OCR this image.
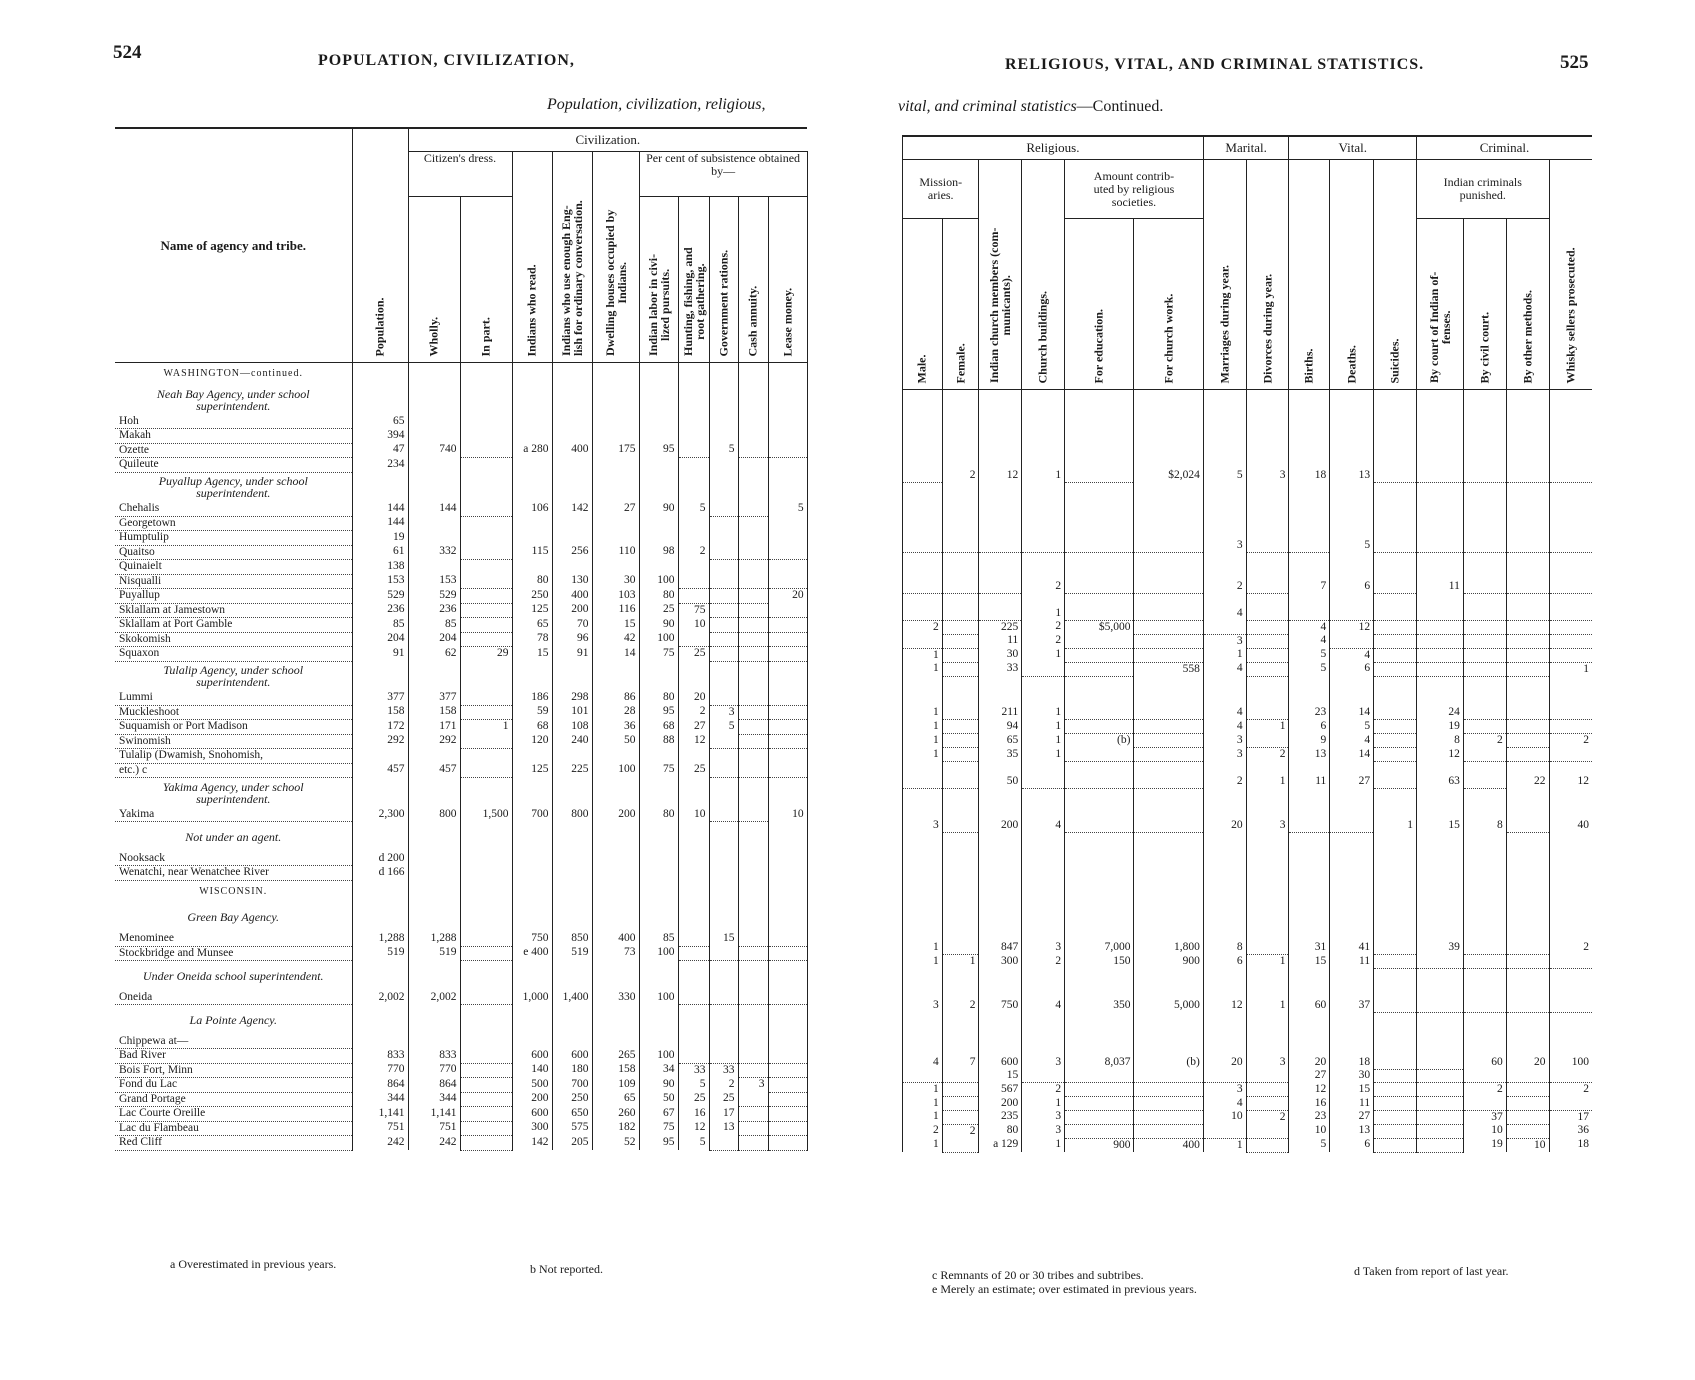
524	POPULATION, CIVILIZATION,
Population, civilization, religious,
RELIGIOUS, VITAL, AND CRIMINAL STATISTICS.	525
vital, and criminal statistics—Continued.
Name of agency and tribe.	Population.	Civilization.									
		Citizen's dress.		Indians who read.	Indians who use enough Eng-
lish for ordinary conversation.	Dwelling houses occupied by
Indians.	Per cent of subsistence obtained by—				

		Wholly.	In part.				Indian labor in civi-
lized pursuits.	Hunting, fishing, and
root gathering.	Government rations.	Cash annuity.	Lease money.

WASHINGTON—continued.											
Neah Bay Agency, under school superintendent.											
Hoh	65										
Makah	394										
Ozette	47	740		a 280	400	175	95		5		
Quileute	234										
Puyallup Agency, under school superintendent.											
Chehalis	144	144		106	142	27	90	5			5
Georgetown	144										
Humptulip	19										
Quaitso	61	332		115	256	110	98	2			
Quinaielt	138										
Nisqualli	153	153		80	130	30	100				
Puyallup	529	529		250	400	103	80				20
Sklallam at Jamestown	236	236		125	200	116	25	75			
Sklallam at Port Gamble	85	85		65	70	15	90	10			
Skokomish	204	204		78	96	42	100				
Squaxon	91	62	29	15	91	14	75	25			
Tulalip Agency, under school superintendent.											
Lummi	377	377		186	298	86	80	20			
Muckleshoot	158	158		59	101	28	95	2	3		
Suquamish or Port Madison	172	171	1	68	108	36	68	27	5		
Swinomish	292	292		120	240	50	88	12			
Tulalip (Dwamish, Snohomish,											
etc.) c	457	457		125	225	100	75	25			
Yakima Agency, under school superintendent.											
Yakima	2,300	800	1,500	700	800	200	80	10			10
Not under an agent.											
Nooksack	d 200										
Wenatchi, near Wenatchee River	d 166										
WISCONSIN.											
Green Bay Agency.											
Menominee	1,288	1,288		750	850	400	85		15		
Stockbridge and Munsee	519	519		e 400	519	73	100				
Under Oneida school superintendent.											
Oneida	2,002	2,002		1,000	1,400	330	100				
La Pointe Agency.											
Chippewa at—											
Bad River	833	833		600	600	265	100				
Bois Fort, Minn	770	770		140	180	158	34	33	33		
Fond du Lac	864	864		500	700	109	90	5	2	3	
Grand Portage	344	344		200	250	65	50	25	25		
Lac Courte Oreille	1,141	1,141		600	650	260	67	16	17		
Lac du Flambeau	751	751		300	575	182	75	12	13		
Red Cliff	242	242		142	205	52	95	5			
Religious.						Marital.		Vital.			Criminal.			

Mission-
aries.		Indian church members (com-
municants).	Church buildings.	Amount contrib-
uted by religious
societies.		Marriages during year.	Divorces during year.	Births.	Deaths.	Suicides.	Indian criminals
punished.			Whisky sellers prosecuted.

Male.	Female.			For education.	For church work.						By court of Indian of-
fenses.	By civil court.	By other methods.	

	2	12	1		$2,024	5	3	18	13					

						3			5					

			2			2		7	6		11			

			1			4								
2		225	2	$5,000				4	12					
		11	2			3		4						
1		30	1			1		5	4					
1		33			558	4		5	6					1

1		211	1			4		23	14		24			
1		94	1			4	1	6	5		19			
1		65	1	(b)		3		9	4		8	2		2
1		35	1			3	2	13	14		12			

		50				2	1	11	27		63		22	12

3		200	4			20	3			1	15	8		40

1		847	3	7,000	1,800	8		31	41		39			2
1	1	300	2	150	900	6	1	15	11					

3	2	750	4	350	5,000	12	1	60	37					

4	7	600	3	8,037	(b)	20	3	20	18			60	20	100
		15						27	30					
1		567	2			3		12	15			2		2
1		200	1			4		16	11					
1		235	3			10	2	23	27			37		17
2	2	80	3					10	13			10		36
1		a 129	1	900	400	1		5	6			19	10	18
a Overestimated in previous years.	b Not reported.	c Remnants of 20 or 30 tribes and subtribes.	d Taken from report of last year.
e Merely an estimate; over estimated in previous years.
